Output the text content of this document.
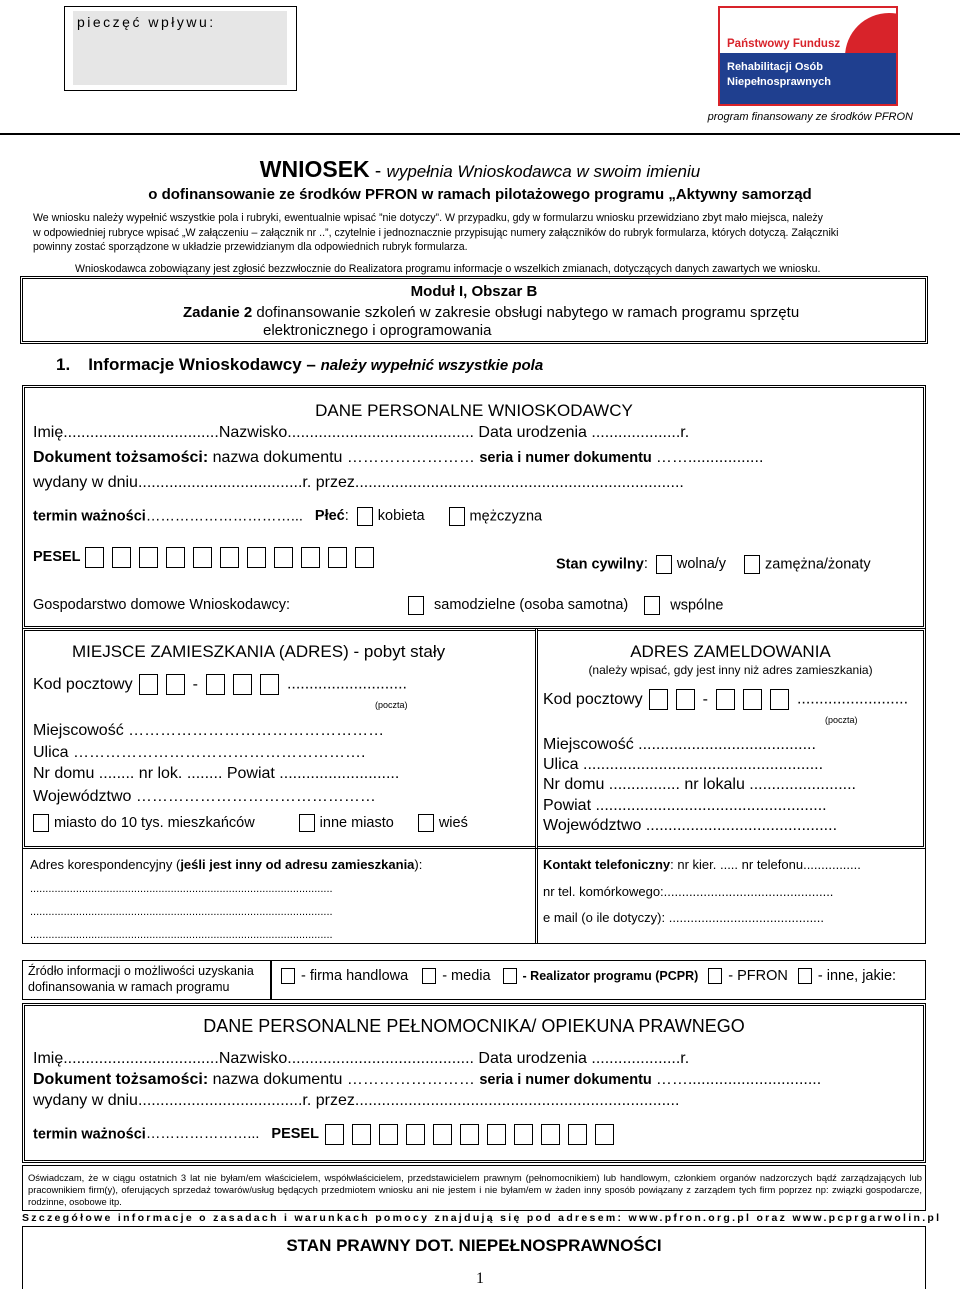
pieczęć wpływu:
Państwowy Fundusz
Rehabilitacji Osób
Niepełnosprawnych
program finansowany ze środków PFRON
WNIOSEK - wypełnia Wnioskodawca w swoim imieniu
o dofinansowanie ze środków PFRON w ramach pilotażowego programu „Aktywny samorząd
We wniosku należy wypełnić wszystkie pola i rubryki, ewentualnie wpisać ”nie dotyczy”. W przypadku, gdy w formularzu wniosku przewidziano zbyt mało miejsca, należy
w odpowiedniej rubryce wpisać „W załączeniu – załącznik nr ..”, czytelnie i jednoznacznie przypisując numery załączników do rubryk formularza, których dotyczą. Załączniki
powinny zostać sporządzone w układzie przewidzianym dla odpowiednich rubryk formularza.
Wnioskodawca zobowiązany jest zgłosić bezzwłocznie do Realizatora programu informacje o wszelkich zmianach, dotyczących danych zawartych we wniosku.
Moduł I, Obszar B
Zadanie 2 dofinansowanie szkoleń w zakresie obsługi nabytego w ramach programu sprzętu
elektronicznego i oprogramowania
1. Informacje Wnioskodawcy – należy wypełnić wszystkie pola
DANE PERSONALNE WNIOSKODAWCY
Imię...................................Nazwisko.......................................... Data urodzenia ....................r.
Dokument tożsamości: nazwa dokumentu …………………… seria i numer dokumentu …….................
wydany w dniu.....................................r. przez..........................................................................
termin ważności…………………………... Płeć: kobieta	mężczyzna
PESEL	Stan cywilny: wolna/y	zamężna/żonaty
Gospodarstwo domowe Wnioskodawcy:	samodzielne (osoba samotna)	wspólne
MIEJSCE ZAMIESZKANIA (ADRES) - pobyt stały
Kod pocztowy	-	...........................
(poczta)
Miejscowość …………………………………………
Ulica ……………………………………………….
Nr domu ........ nr lok. ........ Powiat ...........................
Województwo ………………………………………
miasto do 10 tys. mieszkańców	inne miasto	wieś
ADRES ZAMELDOWANIA
(należy wpisać, gdy jest inny niż adres zamieszkania)
Kod pocztowy	-	.........................
(poczta)
Miejscowość ........................................
Ulica ......................................................
Nr domu ................ nr lokalu ........................
Powiat ....................................................
Województwo ...........................................
Adres korespondencyjny (jeśli jest inny od adresu zamieszkania):
...................................................................................................
...................................................................................................
...................................................................................................
Kontakt telefoniczny: nr kier. ..... nr telefonu................
nr tel. komórkowego:...............................................
e mail (o ile dotyczy): ...........................................
Źródło informacji o możliwości uzyskania
dofinansowania w ramach programu
- firma handlowa - media	- Realizator programu (PCPR) - PFRON - inne, jakie:
DANE PERSONALNE PEŁNOMOCNIKA/ OPIEKUNA PRAWNEGO
Imię...................................Nazwisko.......................................... Data urodzenia ....................r.
Dokument tożsamości: nazwa dokumentu …………………… seria i numer dokumentu ……..............................
wydany w dniu.....................................r. przez.........................................................................
termin ważności…………………... PESEL
Oświadczam, że w ciągu ostatnich 3 lat nie byłam/em właścicielem, współwłaścicielem, przedstawicielem prawnym (pełnomocnikiem) lub handlowym, członkiem organów nadzorczych bądź zarządzających lub pracownikiem firm(y), oferujących sprzedaż towarów/usług będących przedmiotem wniosku ani nie jestem i nie byłam/em w żaden inny sposób powiązany z zarządem tych firm poprzez np: związki gospodarcze, rodzinne, osobowe itp.
Szczegółowe informacje o zasadach i warunkach pomocy znajdują się pod adresem: www.pfron.org.pl oraz www.pcprgarwolin.pl
STAN PRAWNY DOT. NIEPEŁNOSPRAWNOŚCI
1
